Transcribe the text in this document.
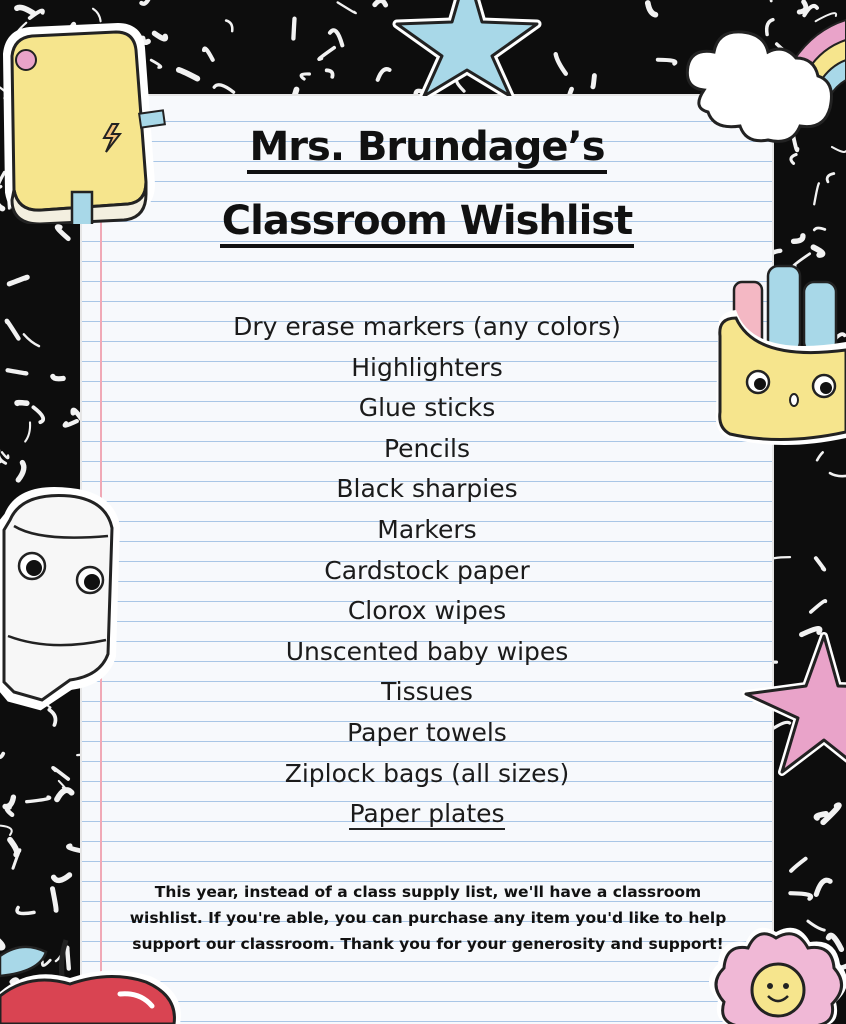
Mrs. Brundage’s
Classroom Wishlist
Dry erase markers (any colors)
Highlighters
Glue sticks
Pencils
Black sharpies
Markers
Cardstock paper
Clorox wipes
Unscented baby wipes
Tissues
Paper towels
Ziplock bags (all sizes)
Paper plates
This year, instead of a class supply list, we'll have a classroom wishlist. If you're able, you can purchase any item you'd like to help support our classroom. Thank you for your generosity and support!
